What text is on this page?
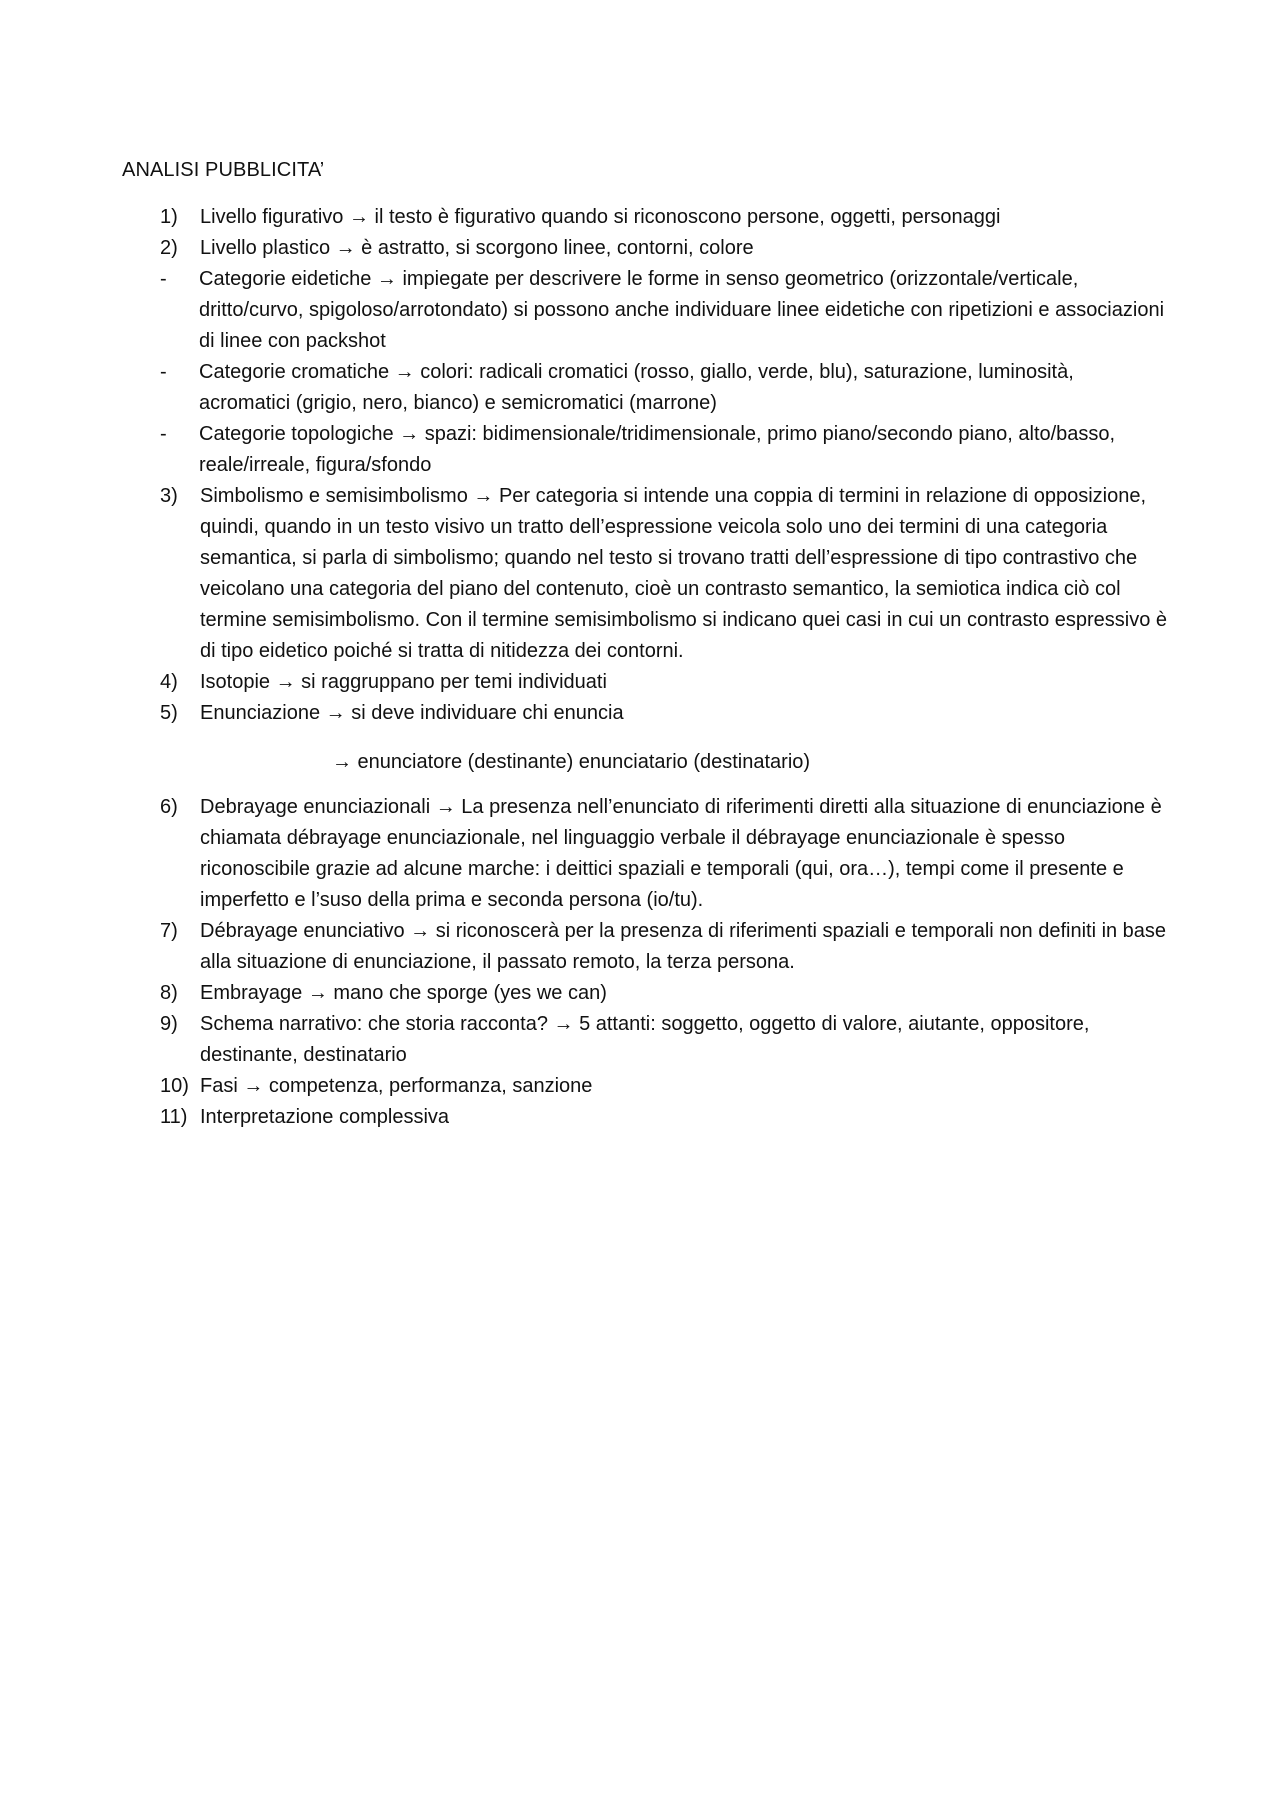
ANALISI PUBBLICITA’
1)	Livello figurativo → il testo è figurativo quando si riconoscono persone, oggetti, personaggi
2)	Livello plastico → è astratto, si scorgono linee, contorni, colore
-	Categorie eidetiche → impiegate per descrivere le forme in senso geometrico (orizzontale/verticale, dritto/curvo, spigoloso/arrotondato) si possono anche individuare linee eidetiche con ripetizioni e associazioni di linee con packshot
-	Categorie cromatiche → colori: radicali cromatici (rosso, giallo, verde, blu), saturazione, luminosità, acromatici (grigio, nero, bianco) e semicromatici (marrone)
-	Categorie topologiche → spazi: bidimensionale/tridimensionale, primo piano/secondo piano, alto/basso, reale/irreale, figura/sfondo
3)	Simbolismo e semisimbolismo → Per categoria si intende una coppia di termini in relazione di opposizione, quindi, quando in un testo visivo un tratto dell’espressione veicola solo uno dei termini di una categoria semantica, si parla di simbolismo; quando nel testo si trovano tratti dell’espressione di tipo contrastivo che veicolano una categoria del piano del contenuto, cioè un contrasto semantico, la semiotica indica ciò col termine semisimbolismo. Con il termine semisimbolismo si indicano quei casi in cui un contrasto espressivo è di tipo eidetico poiché si tratta di nitidezza dei contorni.
4)	Isotopie → si raggruppano per temi individuati
5)	Enunciazione → si deve individuare chi enuncia
→ enunciatore (destinante) enunciatario (destinatario)
6)	Debrayage enunciazionali → La presenza nell’enunciato di riferimenti diretti alla situazione di enunciazione è chiamata débrayage enunciazionale, nel linguaggio verbale il débrayage enunciazionale è spesso riconoscibile grazie ad alcune marche: i deittici spaziali e temporali (qui, ora…), tempi come il presente e imperfetto e l’suso della prima e seconda persona (io/tu).
7)	Débrayage enunciativo → si riconoscerà per la presenza di riferimenti spaziali e temporali non definiti in base alla situazione di enunciazione, il passato remoto, la terza persona.
8)	Embrayage → mano che sporge (yes we can)
9)	Schema narrativo: che storia racconta? → 5 attanti: soggetto, oggetto di valore, aiutante, oppositore, destinante, destinatario
10) Fasi → competenza, performanza, sanzione
11) Interpretazione complessiva
